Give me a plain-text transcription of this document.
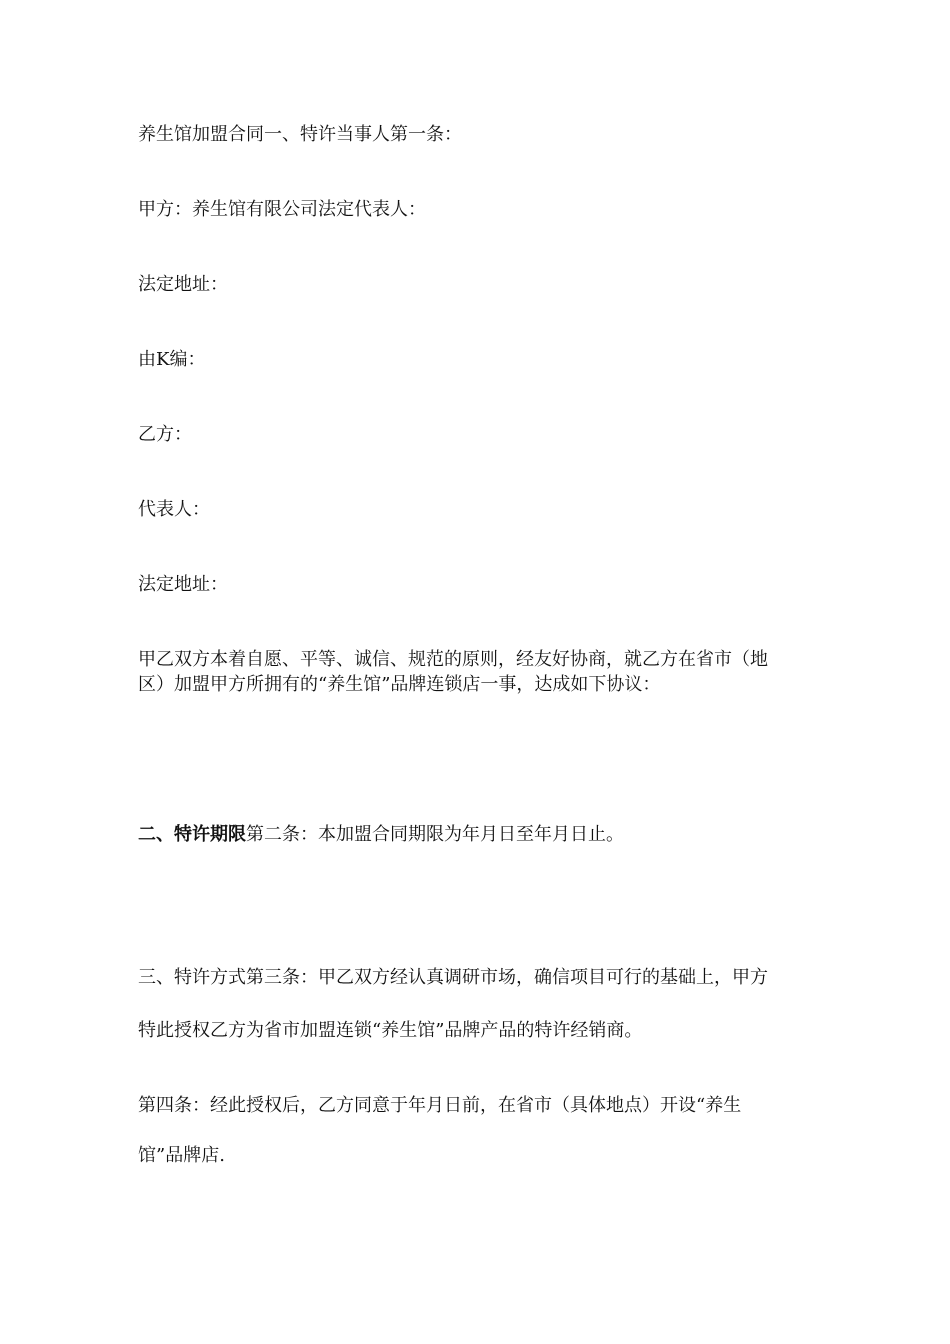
养生馆加盟合同一、特许当事人第一条：
甲方：养生馆有限公司法定代表人：
法定地址：
由K编：
乙方：
代表人：
法定地址：
甲乙双方本着自愿、平等、诚信、规范的原则，经友好协商，就乙方在省市（地
区）加盟甲方所拥有的“养生馆”品牌连锁店一事，达成如下协议：
二、特许期限第二条：本加盟合同期限为年月日至年月日止。
三、特许方式第三条：甲乙双方经认真调研市场，确信项目可行的基础上，甲方
特此授权乙方为省市加盟连锁“养生馆”品牌产品的特许经销商。
第四条：经此授权后，乙方同意于年月日前，在省市（具体地点）开设“养生
馆”品牌店.
